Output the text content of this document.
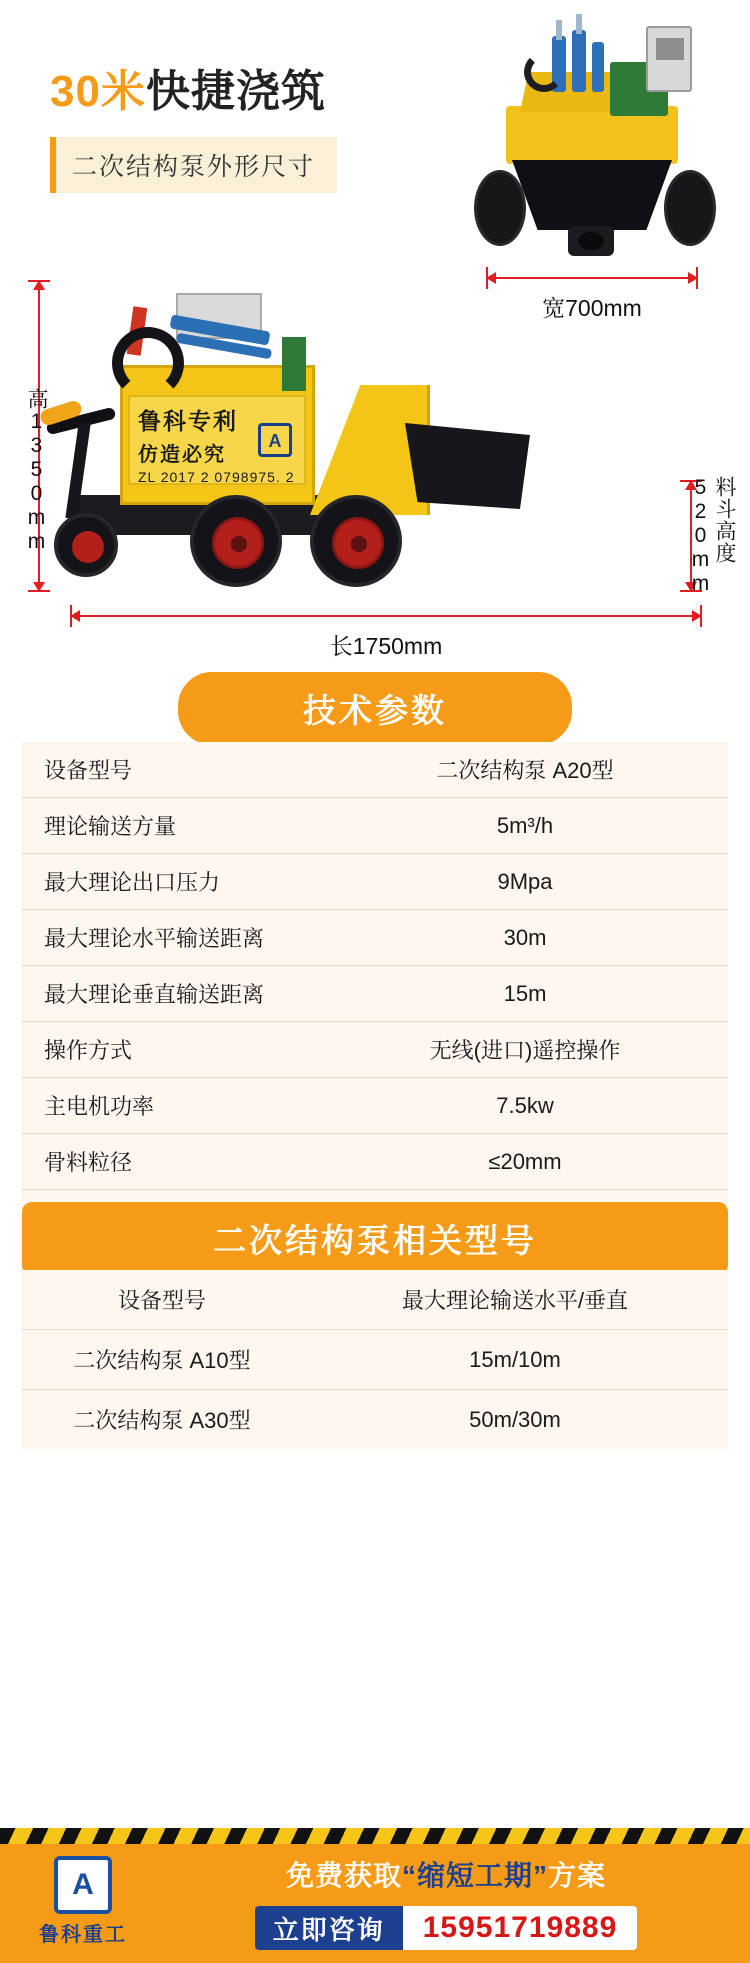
30米快捷浇筑
二次结构泵外形尺寸
宽700mm
鲁科专利
仿造必究
ZL 2017 2 0798975. 2
A
高1350mm	料斗高度520mm
长1750mm
技术参数
设备型号	二次结构泵 A20型
理论输送方量	5m³/h
最大理论出口压力	9Mpa
最大理论水平输送距离	30m
最大理论垂直输送距离	15m
操作方式	无线(进口)遥控操作
主电机功率	7.5kw
骨料粒径	≤20mm

二次结构泵相关型号
设备型号	最大理论输送水平/垂直
二次结构泵 A10型	15m/10m
二次结构泵 A30型	50m/30m
A
鲁科重工
免费获取“缩短工期”方案
立即咨询	15951719889
